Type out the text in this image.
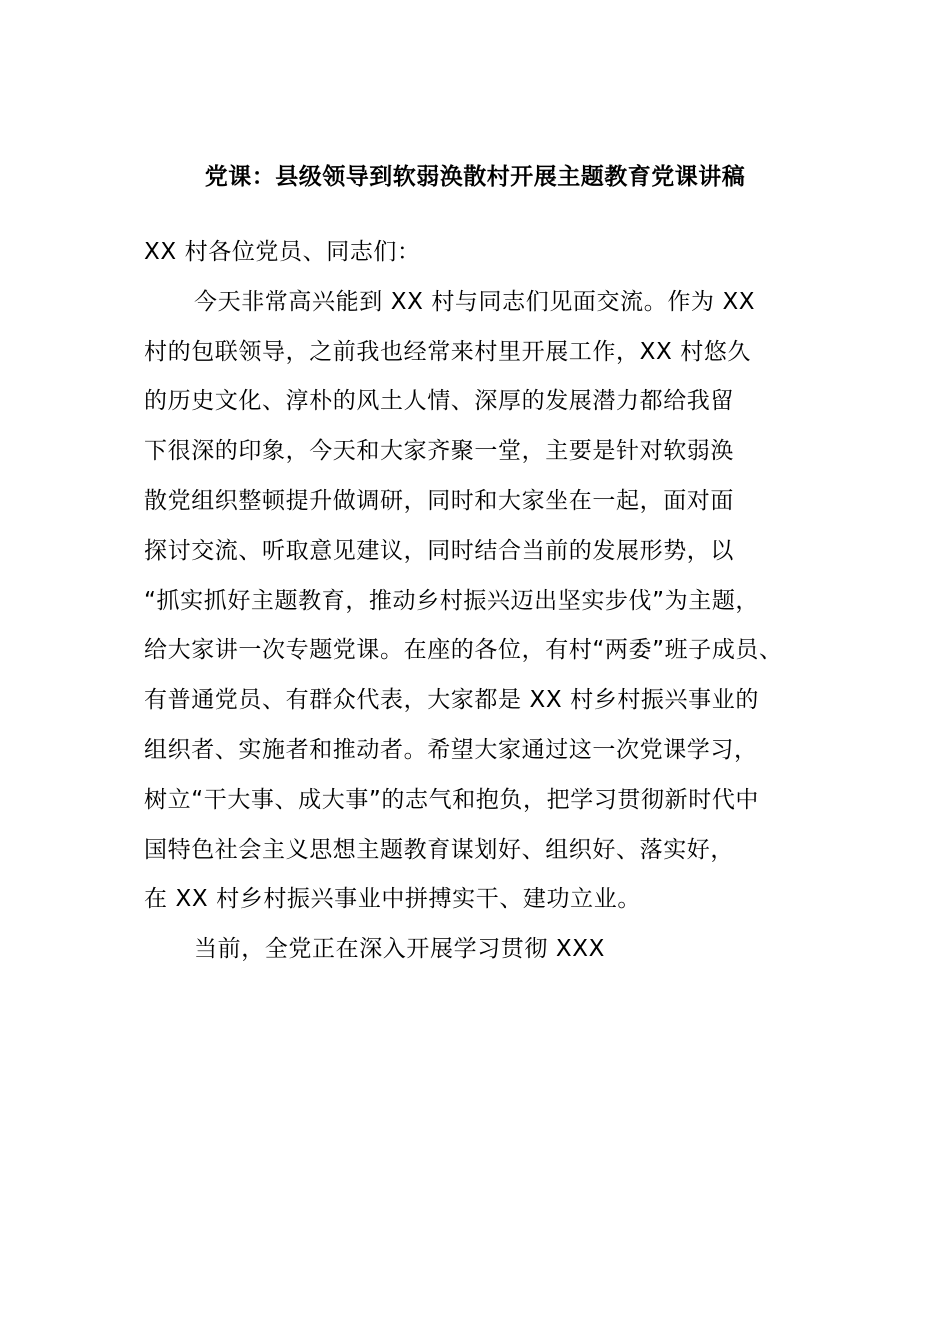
党课：县级领导到软弱涣散村开展主题教育党课讲稿
XX 村各位党员、同志们：
今天非常高兴能到 XX 村与同志们见面交流。作为 XX
村的包联领导，之前我也经常来村里开展工作，XX 村悠久
的历史文化、淳朴的风土人情、深厚的发展潜力都给我留
下很深的印象，今天和大家齐聚一堂，主要是针对软弱涣
散党组织整顿提升做调研，同时和大家坐在一起，面对面
探讨交流、听取意见建议，同时结合当前的发展形势，以
“抓实抓好主题教育，推动乡村振兴迈出坚实步伐”为主题，
给大家讲一次专题党课。在座的各位，有村“两委”班子成员、
有普通党员、有群众代表，大家都是 XX 村乡村振兴事业的
组织者、实施者和推动者。希望大家通过这一次党课学习，
树立“干大事、成大事”的志气和抱负，把学习贯彻新时代中
国特色社会主义思想主题教育谋划好、组织好、落实好，
在 XX 村乡村振兴事业中拼搏实干、建功立业。
当前，全党正在深入开展学习贯彻 XXX
